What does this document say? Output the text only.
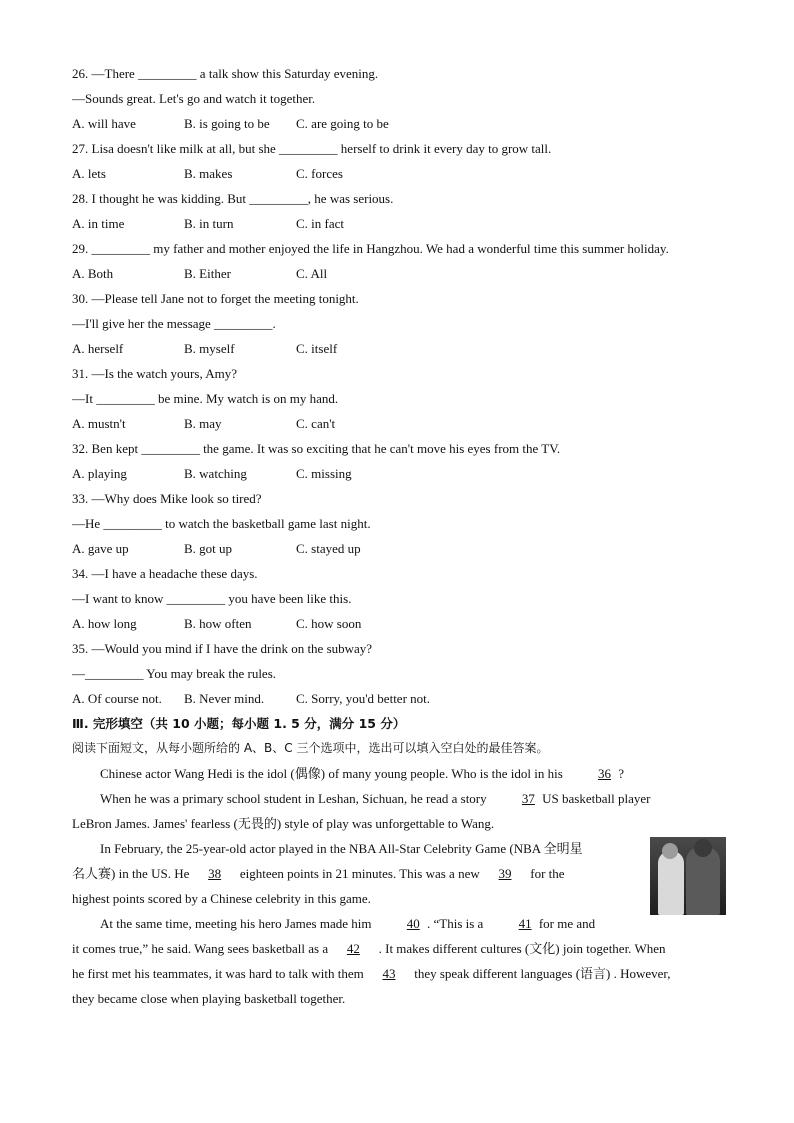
26. —There _________ a talk show this Saturday evening.
—Sounds great. Let's go and watch it together.
A. will have	B. is going to be	C. are going to be
27. Lisa doesn't like milk at all, but she _________ herself to drink it every day to grow tall.
A. lets	B. makes	C. forces
28. I thought he was kidding. But _________, he was serious.
A. in time	B. in turn	C. in fact
29. _________ my father and mother enjoyed the life in Hangzhou. We had a wonderful time this summer holiday.
A. Both	B. Either	C. All
30. —Please tell Jane not to forget the meeting tonight.
—I'll give her the message _________.
A. herself	B. myself	C. itself
31. —Is the watch yours, Amy?
—It _________ be mine. My watch is on my hand.
A. mustn't	B. may	C. can't
32. Ben kept _________ the game. It was so exciting that he can't move his eyes from the TV.
A. playing	B. watching	C. missing
33. —Why does Mike look so tired?
—He _________ to watch the basketball game last night.
A. gave up	B. got up	C. stayed up
34. —I have a headache these days.
—I want to know _________ you have been like this.
A. how long	B. how often	C. how soon
35. —Would you mind if I have the drink on the subway?
—_________ You may break the rules.
A. Of course not.	B. Never mind.	C. Sorry, you'd better not.
Ⅲ. 完形填空（共 10 小题；每小题 1. 5 分，满分 15 分）
阅读下面短文，从每小题所给的 A、B、C 三个选项中，选出可以填入空白处的最佳答案。
Chinese actor Wang Hedi is the idol (偶像) of many young people. Who is the idol in his 36 ?
When he was a primary school student in Leshan, Sichuan, he read a story 37 US basketball player
LeBron James. James' fearless (无畏的) style of play was unforgettable to Wang.
In February, the 25-year-old actor played in the NBA All-Star Celebrity Game (NBA 全明星
名人赛) in the US. He 38 eighteen points in 21 minutes. This was a new 39 for the
highest points scored by a Chinese celebrity in this game.
At the same time, meeting his hero James made him 40 . “This is a 41 for me and
it comes true,” he said. Wang sees basketball as a 42 . It makes different cultures (文化) join together. When
he first met his teammates, it was hard to talk with them 43 they speak different languages (语言) . However,
they became close when playing basketball together.
